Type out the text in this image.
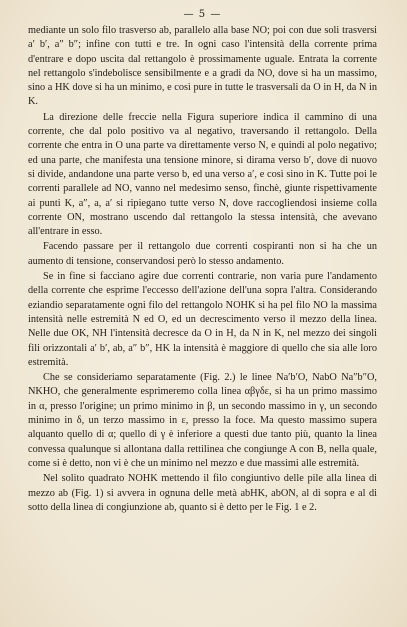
— 5 —

mediante un solo filo trasverso ab, parallelo alla base NO; poi con due soli trasversi a′ b′, a″ b″; infine con tutti e tre. In ogni caso l'intensità della corrente prima d'entrare e dopo uscita dal rettangolo è prossimamente uguale. Entrata la corrente nel rettangolo s'indebolisce sensibilmente e a gradi da NO, dove si ha un massimo, sino a HK dove si ha un minimo, e così pure in tutte le trasversali da O in H, da N in K.

La direzione delle freccie nella Figura superiore indica il cammino di una corrente, che dal polo positivo va al negativo, traversando il rettangolo. Della corrente che entra in O una parte va direttamente verso N, e quindi al polo negativo; ed una parte, che manifesta una tensione minore, si dirama verso b′, dove di nuovo si divide, andandone una parte verso b, ed una verso a′, e così sino in K. Tutte poi le correnti parallele ad NO, vanno nel medesimo senso, finchè, giunte rispettivamente ai punti K, a″, a, a′ si ripiegano tutte verso N, dove raccogliendosi insieme colla corrente ON, mostrano uscendo dal rettangolo la stessa intensità, che avevano all'entrare in esso.

Facendo passare per il rettangolo due correnti cospiranti non si ha che un aumento di tensione, conservandosi però lo stesso andamento.

Se in fine si facciano agire due correnti contrarie, non varia pure l'andamento della corrente che esprime l'eccesso dell'azione dell'una sopra l'altra. Considerando eziandio separatamente ogni filo del rettangolo NOHK si ha pel filo NO la massima intensità nelle estremità N ed O, ed un decrescimento verso il mezzo della linea. Nelle due OK, NH l'intensità decresce da O in H, da N in K, nel mezzo dei singoli fili orizzontali a′ b′, ab, a″ b″, HK la intensità è maggiore di quello che sia alle loro estremità.

Che se consideriamo separatamente (Fig. 2.) le linee Na′b′O, NabO Na″b″O, NKHO, che generalmente esprimeremo colla linea αβγδε, si ha un primo massimo in α, presso l'origine; un primo minimo in β, un secondo massimo in γ, un secondo minimo in δ, un terzo massimo in ε, presso la foce. Ma questo massimo supera alquanto quello di α; quello di γ è inferiore a questi due tanto più, quanto la linea convessa qualunque si allontana dalla rettilinea che congiunge A con B, nella quale, come si è detto, non vi è che un minimo nel mezzo e due massimi alle estremità.

Nel solito quadrato NOHK mettendo il filo congiuntivo delle pile alla linea di mezzo ab (Fig. 1) si avvera in ognuna delle metà abHK, abON, al di sopra e al di sotto della linea di congiunzione ab, quanto si è detto per le Fig. 1 e 2.
